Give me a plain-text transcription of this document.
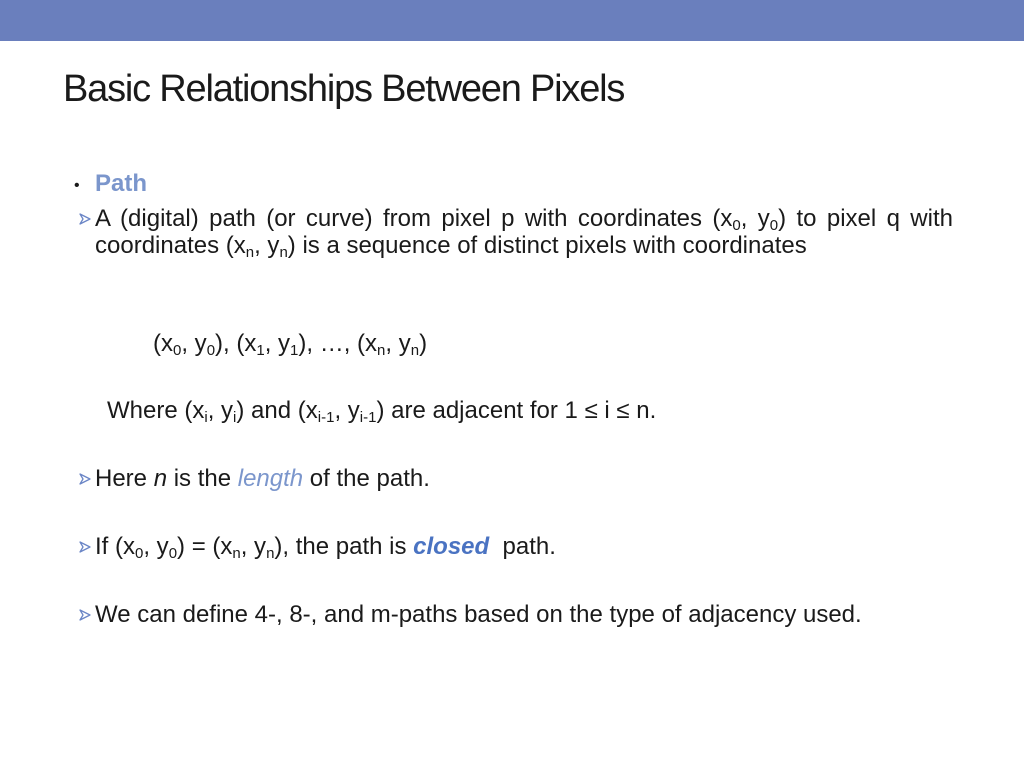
Basic Relationships Between Pixels
• Path
A (digital) path (or curve) from pixel p with coordinates ($x_0$, $y_0$) to pixel q with coordinates ($x_n$, $y_n$) is a sequence of distinct pixels with coordinates
($x_0$, $y_0$), ($x_1$, $y_1$), …, ($x_n$, $y_n$)
Where ($x_i$, $y_i$) and ($x_{i-1}$, $y_{i-1}$) are adjacent for 1 ≤ i ≤ n.
Here n is the length of the path.
If ($x_0$, $y_0) = (x_n$, $y_n$), the path is closed  path.
We can define 4-, 8-, and m-paths based on the type of adjacency used.
